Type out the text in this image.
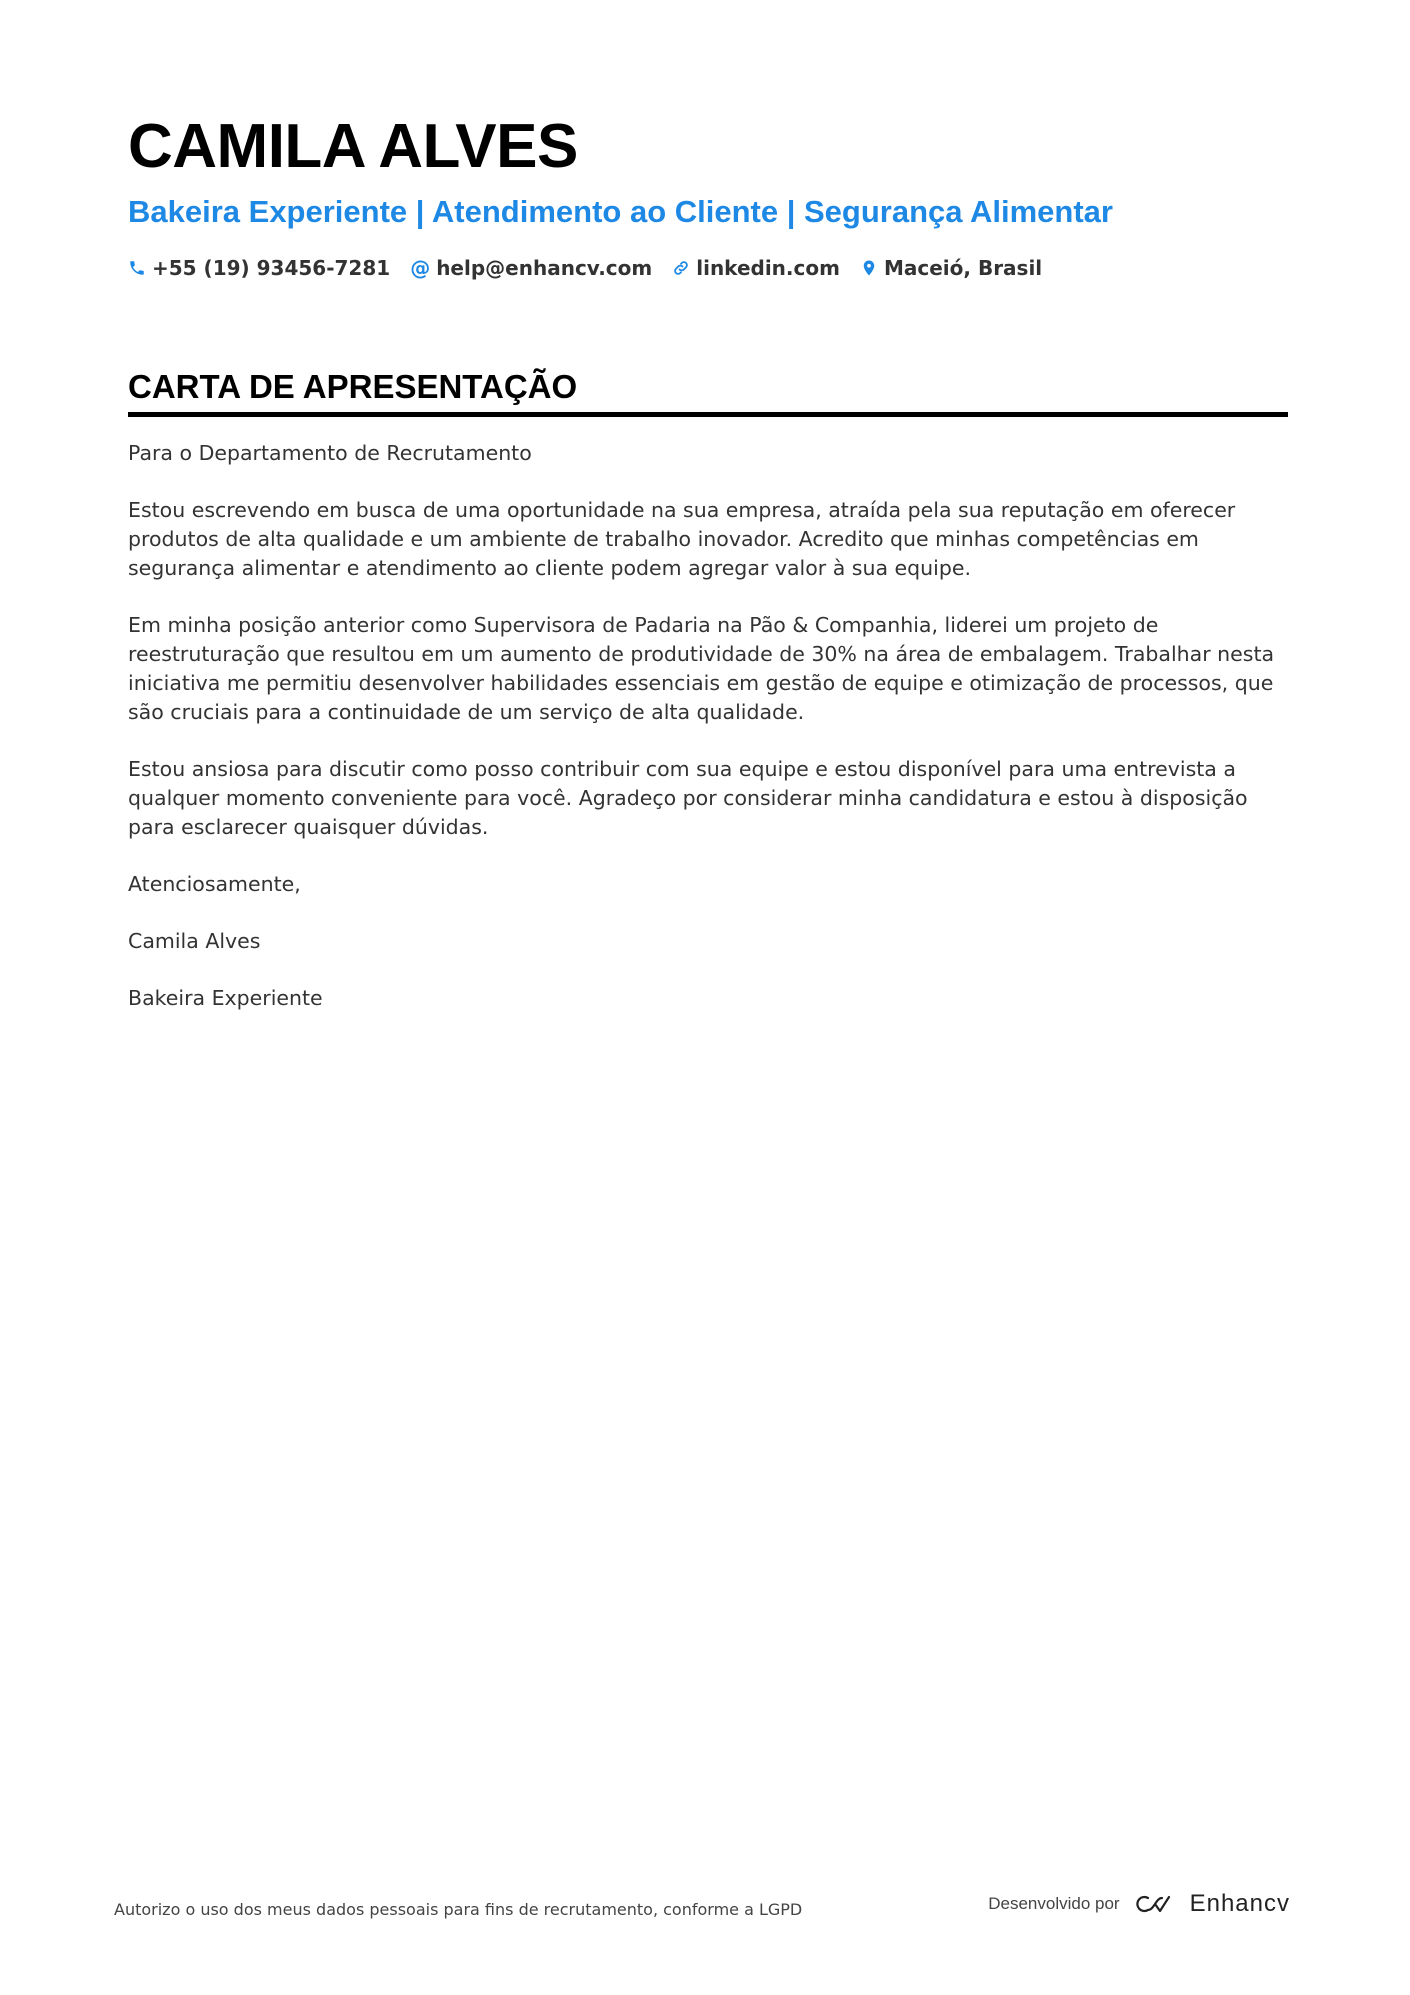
CAMILA ALVES
Bakeira Experiente | Atendimento ao Cliente | Segurança Alimentar
+55 (19) 93456-7281 @ help@enhancv.com linkedin.com Maceió, Brasil
CARTA DE APRESENTAÇÃO

Para o Departamento de Recrutamento

Estou escrevendo em busca de uma oportunidade na sua empresa, atraída pela sua reputação em oferecer produtos de alta qualidade e um ambiente de trabalho inovador. Acredito que minhas competências em segurança alimentar e atendimento ao cliente podem agregar valor à sua equipe.

Em minha posição anterior como Supervisora de Padaria na Pão & Companhia, liderei um projeto de reestruturação que resultou em um aumento de produtividade de 30% na área de embalagem. Trabalhar nesta iniciativa me permitiu desenvolver habilidades essenciais em gestão de equipe e otimização de processos, que são cruciais para a continuidade de um serviço de alta qualidade.

Estou ansiosa para discutir como posso contribuir com sua equipe e estou disponível para uma entrevista a qualquer momento conveniente para você. Agradeço por considerar minha candidatura e estou à disposição para esclarecer quaisquer dúvidas.

Atenciosamente,

Camila Alves

Bakeira Experiente

Autorizo o uso dos meus dados pessoais para fins de recrutamento, conforme a LGPD	Desenvolvido por	Enhancv
